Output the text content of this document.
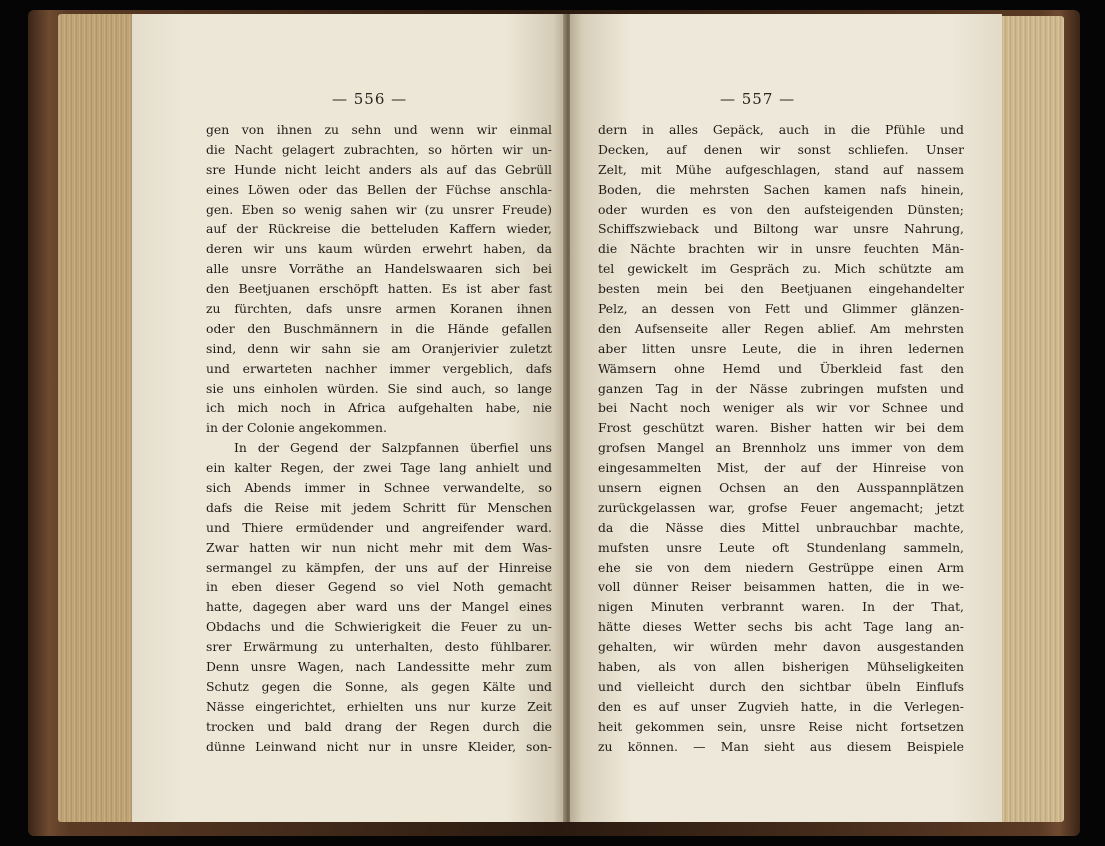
— 556 —
gen von ihnen zu sehn und wenn wir einmal
die Nacht gelagert zubrachten, so hörten wir un-
sre Hunde nicht leicht anders als auf das Gebrüll
eines Löwen oder das Bellen der Füchse anschla-
gen. Eben so wenig sahen wir (zu unsrer Freude)
auf der Rückreise die betteluden Kaffern wieder,
deren wir uns kaum würden erwehrt haben, da
alle unsre Vorräthe an Handelswaaren sich bei
den Beetjuanen erschöpft hatten. Es ist aber fast
zu fürchten, dafs unsre armen Koranen ihnen
oder den Buschmännern in die Hände gefallen
sind, denn wir sahn sie am Oranjerivier zuletzt
und erwarteten nachher immer vergeblich, dafs
sie uns einholen würden. Sie sind auch, so lange
ich mich noch in Africa aufgehalten habe, nie
in der Colonie angekommen.
In der Gegend der Salzpfannen überfiel uns
ein kalter Regen, der zwei Tage lang anhielt und
sich Abends immer in Schnee verwandelte, so
dafs die Reise mit jedem Schritt für Menschen
und Thiere ermüdender und angreifender ward.
Zwar hatten wir nun nicht mehr mit dem Was-
sermangel zu kämpfen, der uns auf der Hinreise
in eben dieser Gegend so viel Noth gemacht
hatte, dagegen aber ward uns der Mangel eines
Obdachs und die Schwierigkeit die Feuer zu un-
srer Erwärmung zu unterhalten, desto fühlbarer.
Denn unsre Wagen, nach Landessitte mehr zum
Schutz gegen die Sonne, als gegen Kälte und
Nässe eingerichtet, erhielten uns nur kurze Zeit
trocken und bald drang der Regen durch die
dünne Leinwand nicht nur in unsre Kleider, son-
— 557 —
dern in alles Gepäck, auch in die Pfühle und
Decken, auf denen wir sonst schliefen. Unser
Zelt, mit Mühe aufgeschlagen, stand auf nassem
Boden, die mehrsten Sachen kamen nafs hinein,
oder wurden es von den aufsteigenden Dünsten;
Schiffszwieback und Biltong war unsre Nahrung,
die Nächte brachten wir in unsre feuchten Män-
tel gewickelt im Gespräch zu. Mich schützte am
besten mein bei den Beetjuanen eingehandelter
Pelz, an dessen von Fett und Glimmer glänzen-
den Aufsenseite aller Regen ablief. Am mehrsten
aber litten unsre Leute, die in ihren ledernen
Wämsern ohne Hemd und Überkleid fast den
ganzen Tag in der Nässe zubringen mufsten und
bei Nacht noch weniger als wir vor Schnee und
Frost geschützt waren. Bisher hatten wir bei dem
grofsen Mangel an Brennholz uns immer von dem
eingesammelten Mist, der auf der Hinreise von
unsern eignen Ochsen an den Ausspannplätzen
zurückgelassen war, grofse Feuer angemacht; jetzt
da die Nässe dies Mittel unbrauchbar machte,
mufsten unsre Leute oft Stundenlang sammeln,
ehe sie von dem niedern Gestrüppe einen Arm
voll dünner Reiser beisammen hatten, die in we-
nigen Minuten verbrannt waren. In der That,
hätte dieses Wetter sechs bis acht Tage lang an-
gehalten, wir würden mehr davon ausgestanden
haben, als von allen bisherigen Mühseligkeiten
und vielleicht durch den sichtbar übeln Einflufs
den es auf unser Zugvieh hatte, in die Verlegen-
heit gekommen sein, unsre Reise nicht fortsetzen
zu können. — Man sieht aus diesem Beispiele
